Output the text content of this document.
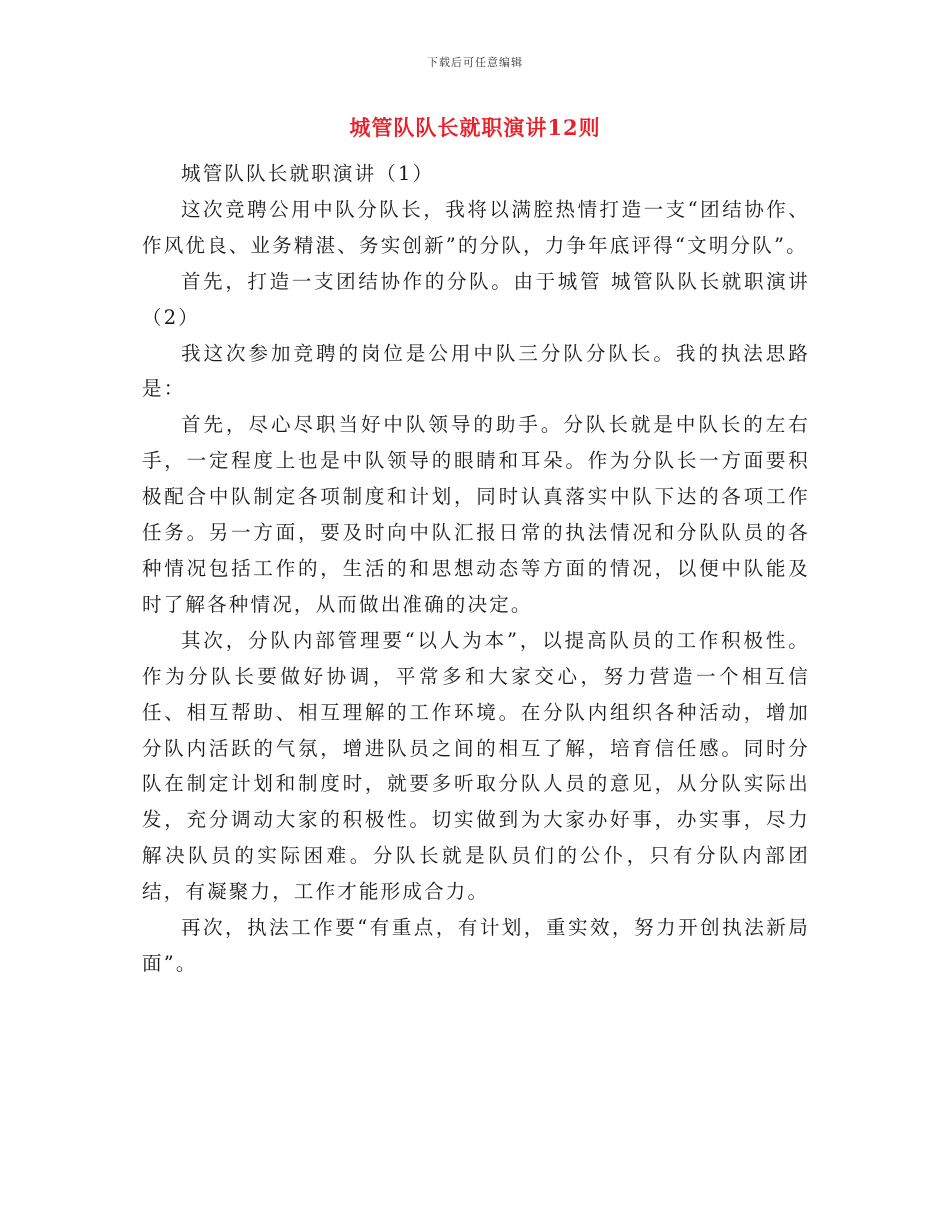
下载后可任意编辑
城管队队长就职演讲12则

城管队队长就职演讲（1）

这次竞聘公用中队分队长，我将以满腔热情打造一支“团结协作、作风优良、业务精湛、务实创新”的分队，力争年底评得“文明分队”。

首先，打造一支团结协作的分队。由于城管 城管队队长就职演讲（2）

我这次参加竞聘的岗位是公用中队三分队分队长。我的执法思路是：

首先，尽心尽职当好中队领导的助手。分队长就是中队长的左右手，一定程度上也是中队领导的眼睛和耳朵。作为分队长一方面要积极配合中队制定各项制度和计划，同时认真落实中队下达的各项工作任务。另一方面，要及时向中队汇报日常的执法情况和分队队员的各种情况包括工作的，生活的和思想动态等方面的情况，以便中队能及时了解各种情况，从而做出准确的决定。

其次，分队内部管理要“以人为本”，以提高队员的工作积极性。作为分队长要做好协调，平常多和大家交心，努力营造一个相互信任、相互帮助、相互理解的工作环境。在分队内组织各种活动，增加分队内活跃的气氛，增进队员之间的相互了解，培育信任感。同时分队在制定计划和制度时，就要多听取分队人员的意见，从分队实际出发，充分调动大家的积极性。切实做到为大家办好事，办实事，尽力解决队员的实际困难。分队长就是队员们的公仆，只有分队内部团结，有凝聚力，工作才能形成合力。

再次，执法工作要“有重点，有计划，重实效，努力开创执法新局面”。
